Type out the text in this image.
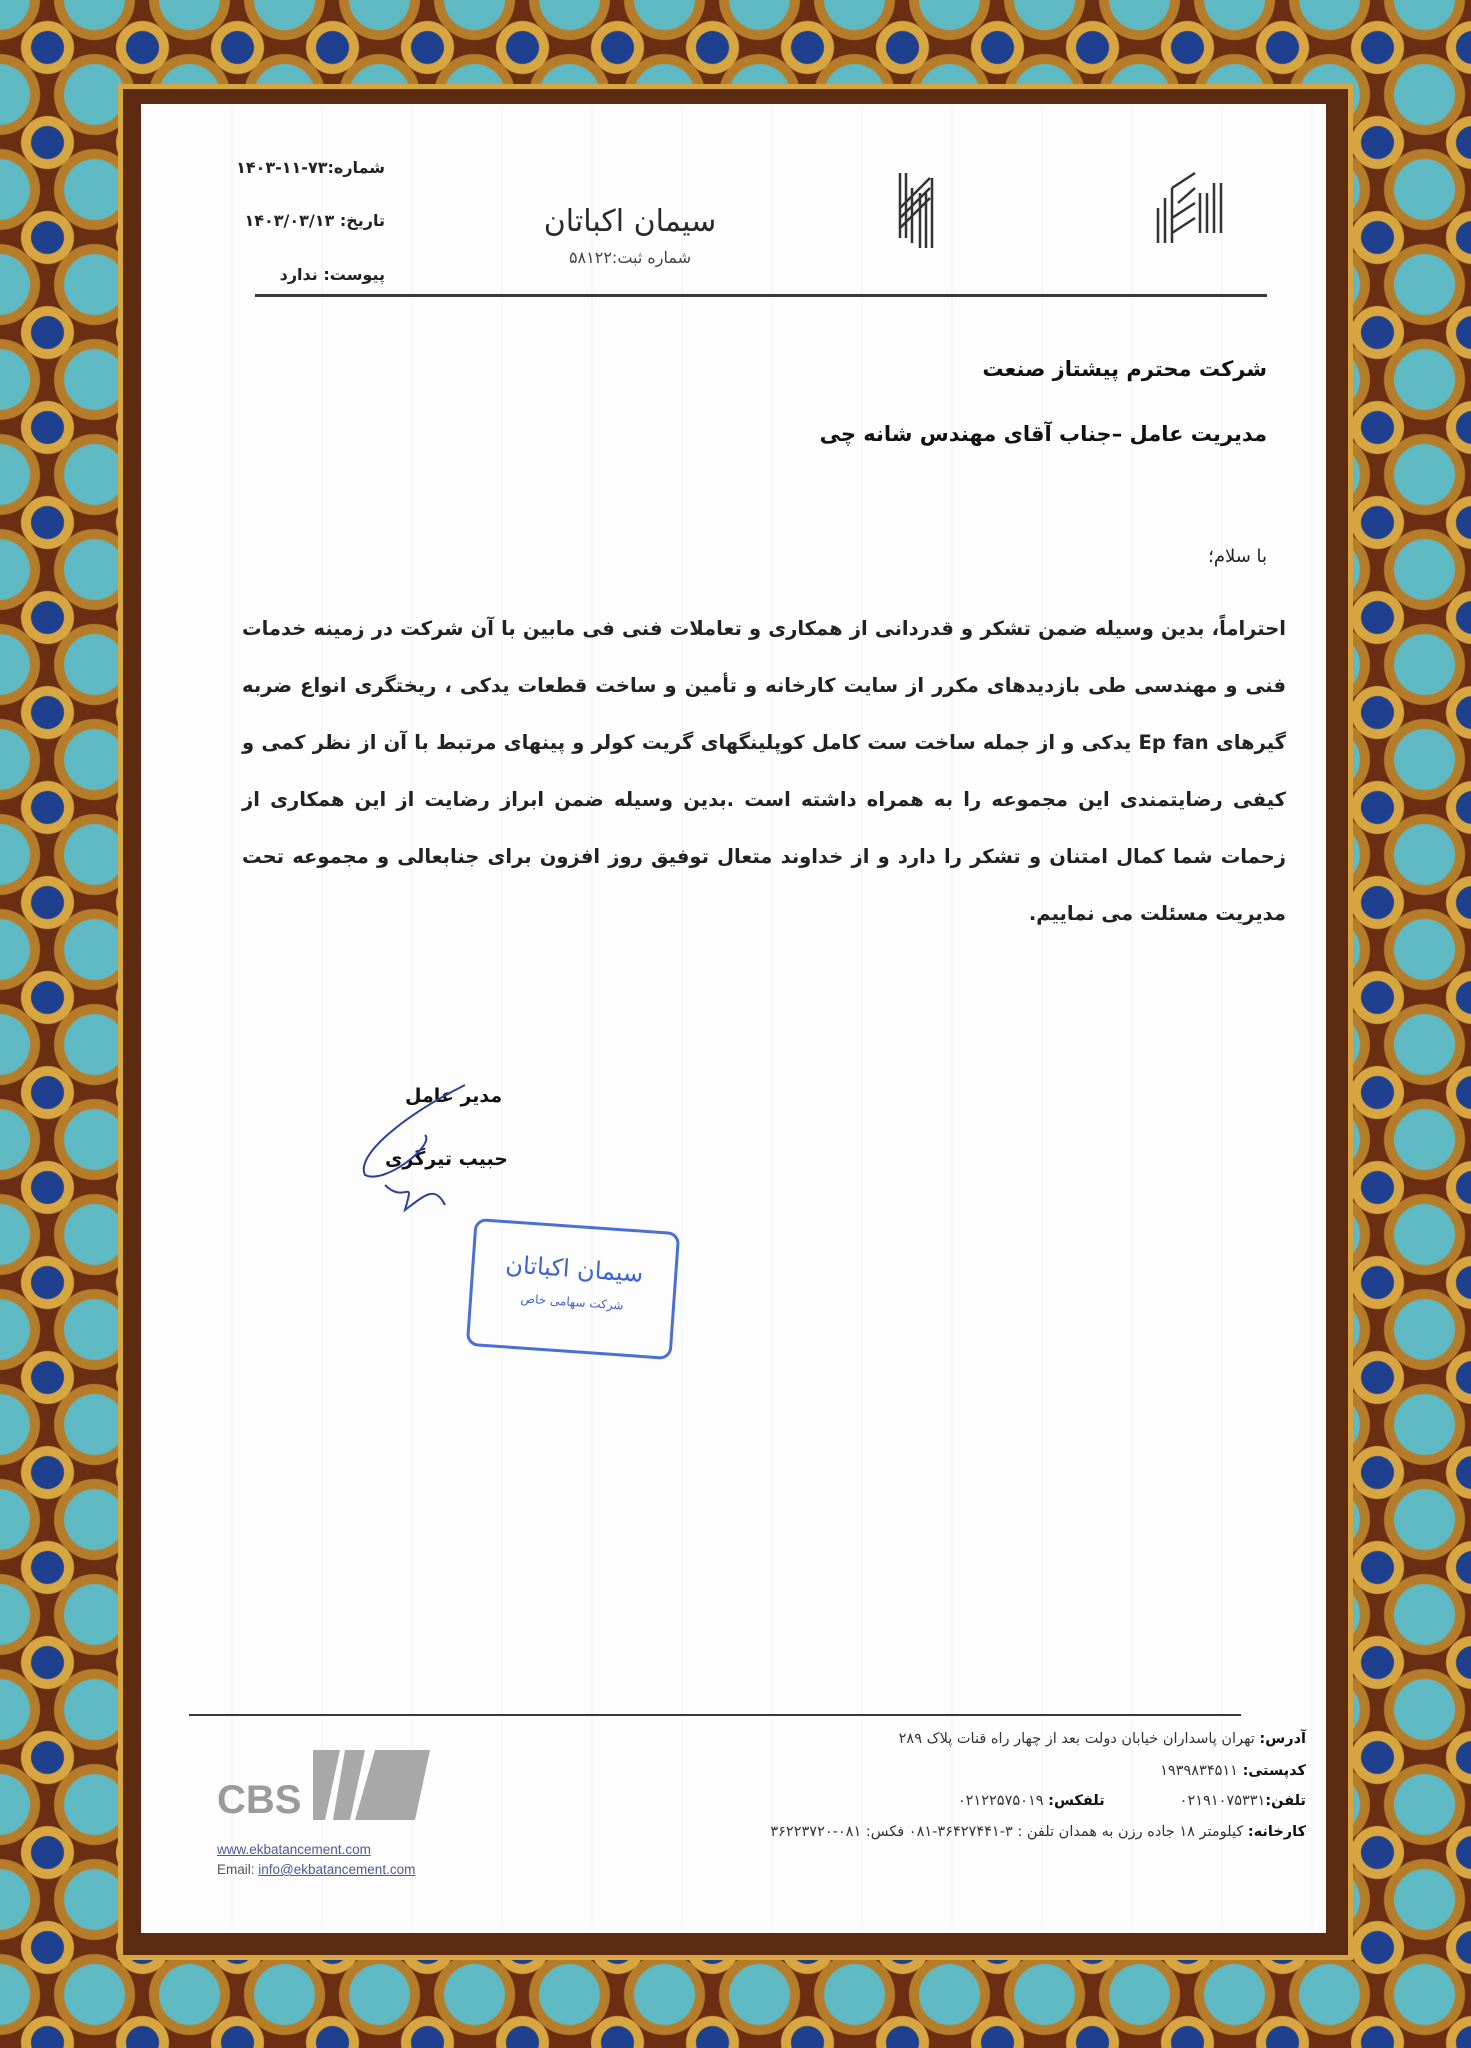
شماره:۷۳-۱۱-۱۴۰۳
تاریخ: ۱۴۰۳/۰۳/۱۳
پیوست: ندارد
سیمان اکباتان
شماره ثبت:۵۸۱۲۲
شرکت محترم پیشتاز صنعت
مدیریت عامل –جناب آقای مهندس شانه چی
با سلام؛

احتراماً، بدین وسیله ضمن تشکر و قدردانی از همکاری و تعاملات فنی فی مابین با آن شرکت در زمینه خدمات فنی و مهندسی طی بازدیدهای مکرر از سایت کارخانه و تأمین و ساخت قطعات یدکی ، ریختگری انواع ضربه گیرهای Ep fan یدکی و از جمله ساخت ست کامل کوپلینگهای گریت کولر و پینهای مرتبط با آن از نظر کمی و کیفی رضایتمندی این مجموعه را به همراه داشته است .بدین وسیله ضمن ابراز رضایت از این همکاری از زحمات شما کمال امتنان و تشکر را دارد و از خداوند متعال توفیق روز افزون برای جنابعالی و مجموعه تحت مدیریت مسئلت می نماییم.

مدیر عامل
حبیب تیرگری
سیمان اکباتان
شرکت سهامی خاص
آدرس: تهران پاسداران خیابان دولت بعد از چهار راه قنات پلاک ۲۸۹
کدپستی: ۱۹۳۹۸۳۴۵۱۱
تلفن:۰۲۱۹۱۰۷۵۳۳۱تلفکس: ۰۲۱۲۲۵۷۵۰۱۹
کارخانه: کیلومتر ۱۸ جاده رزن به همدان تلفن : ۳-۳۶۴۲۷۴۴۱-۰۸۱ فکس: ۰۸۱-۳۶۲۲۳۷۲۰
CBS
www.ekbatancement.com
Email: info@ekbatancement.com
